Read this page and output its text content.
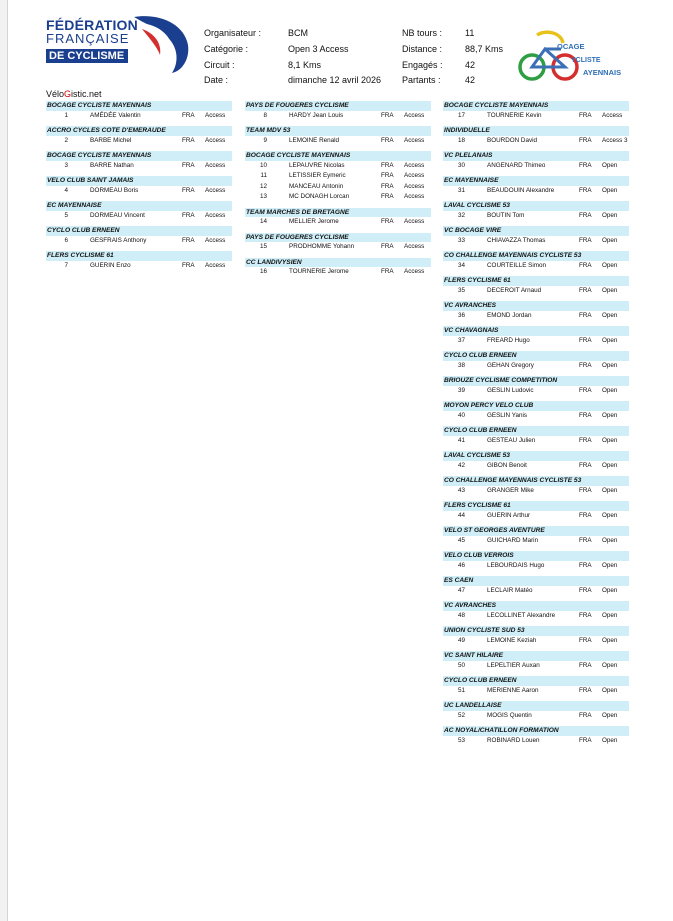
FÉDÉRATION
FRANÇAISE
DE CYCLISME
Organisateur :	BCM
Catégorie :	Open 3 Access
Circuit :	8,1 Kms
Date :	dimanche 12 avril 2026
NB tours :	11
Distance :	88,7 Kms
Engagés : 42
Partants :	42
OCAGE
YCLISTE
AYENNAIS
VéloGistic.net
BOCAGE CYCLISTE MAYENNAIS
1	AMÉDÉE Valentin	FRA Access
ACCRO CYCLES COTE D'EMERAUDE
2	BARBE Michel	FRA Access
BOCAGE CYCLISTE MAYENNAIS
3	BARRE Nathan	FRA Access
VELO CLUB SAINT JAMAIS
4	DORMEAU Boris	FRA Access
EC MAYENNAISE
5	DORMEAU Vincent	FRA Access
CYCLO CLUB ERNEEN
6	GESFRAIS Anthony	FRA Access
FLERS CYCLISME 61
7	GUERIN Enzo	FRA Access
PAYS DE FOUGERES CYCLISME
8	HARDY Jean Louis	FRA Access
TEAM MDV 53
9	LEMOINE Renald	FRA Access
BOCAGE CYCLISTE MAYENNAIS
10	LEPAUVRE Nicolas	FRA Access
11	LETISSIER Eymeric	FRA Access
12	MANCEAU Antonin	FRA Access
13	MC DONAGH Lorcan	FRA Access
TEAM MARCHES DE BRETAGNE
14	MELLIER Jerome	FRA Access
PAYS DE FOUGERES CYCLISME
15	PRODHOMME Yohann	FRA Access
CC LANDIVYSIEN
16	TOURNERIE Jerome	FRA Access
BOCAGE CYCLISTE MAYENNAIS
17	TOURNERIE Kevin	FRA Access
INDIVIDUELLE
18	BOURDON David	FRA Access 3
VC PLELANAIS
30	ANGENARD Thimeo	FRA Open
EC MAYENNAISE
31	BEAUDOUIN Alexandre	FRA Open
LAVAL CYCLISME 53
32	BOUTIN Tom	FRA Open
VC BOCAGE VIRE
33	CHIAVAZZA Thomas	FRA Open
CO CHALLENGE MAYENNAIS CYCLISTE 53
34	COURTEILLE Simon	FRA Open
FLERS CYCLISME 61
35	DECEROIT Arnaud	FRA Open
VC AVRANCHES
36	EMOND Jordan	FRA Open
VC CHAVAGNAIS
37	FREARD Hugo	FRA Open
CYCLO CLUB ERNEEN
38	GEHAN Gregory	FRA Open
BRIOUZE CYCLISME COMPETITION
39	GESLIN Ludovic	FRA Open
MOYON PERCY VELO CLUB
40	GESLIN Yanis	FRA Open
CYCLO CLUB ERNEEN
41	GESTEAU Julien	FRA Open
LAVAL CYCLISME 53
42	GIBON Benoit	FRA Open
CO CHALLENGE MAYENNAIS CYCLISTE 53
43	GRANGER Mike	FRA Open
FLERS CYCLISME 61
44	GUERIN Arthur	FRA Open
VELO ST GEORGES AVENTURE
45	GUICHARD Marin	FRA Open
VELO CLUB VERROIS
46	LEBOURDAIS Hugo	FRA Open
ES CAEN
47	LECLAIR Matéo	FRA Open
VC AVRANCHES
48	LECOLLINET Alexandre	FRA Open
UNION CYCLISTE SUD 53
49	LEMOINE Keziah	FRA Open
VC SAINT HILAIRE
50	LEPELTIER Auxan	FRA Open
CYCLO CLUB ERNEEN
51	MERIENNE Aaron	FRA Open
UC LANDELLAISE
52	MOGIS Quentin	FRA Open
AC NOYAL/CHATILLON FORMATION
53	ROBINARD Louen	FRA Open
